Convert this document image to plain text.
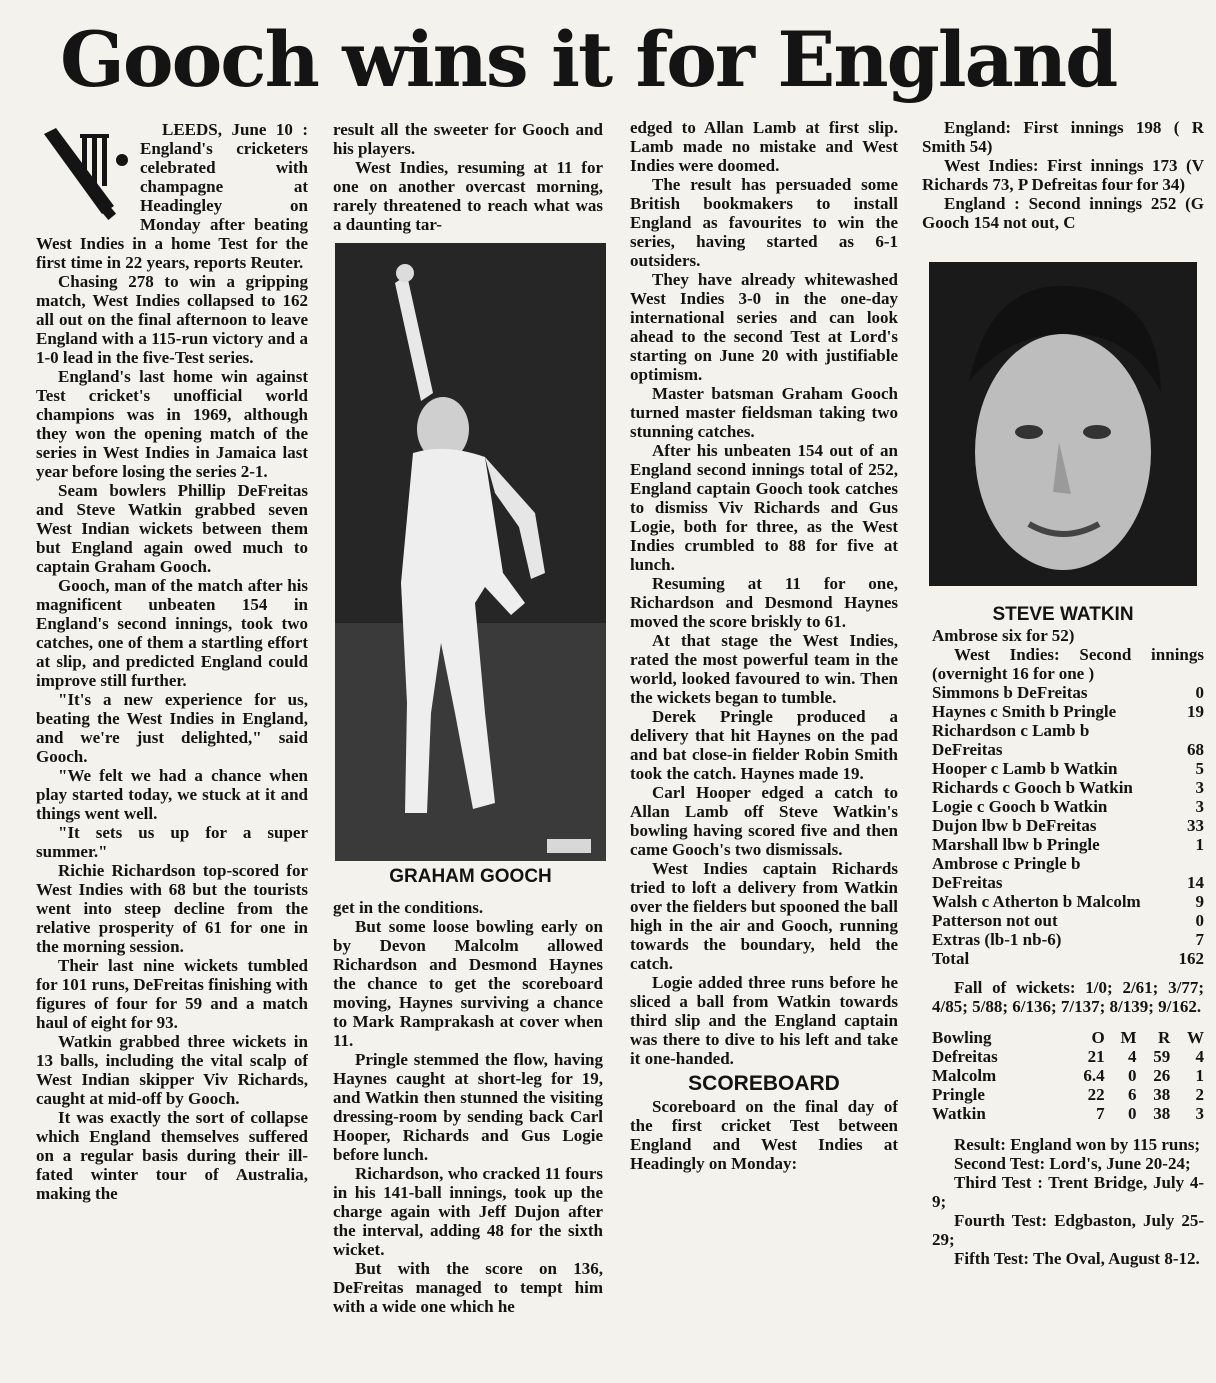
Gooch wins it for England

LEEDS, June 10 : England's cricketers celebrated with champagne at Headingley on Monday after beating West Indies in a home Test for the first time in 22 years, reports Reuter.

Chasing 278 to win a gripping match, West Indies collapsed to 162 all out on the final afternoon to leave England with a 115-run victory and a 1-0 lead in the five-Test series.

England's last home win against Test cricket's unofficial world champions was in 1969, although they won the opening match of the series in West Indies in Jamaica last year before losing the series 2-1.

Seam bowlers Phillip DeFreitas and Steve Watkin grabbed seven West Indian wickets between them but England again owed much to captain Graham Gooch.

Gooch, man of the match after his magnificent unbeaten 154 in England's second innings, took two catches, one of them a startling effort at slip, and predicted England could improve still further.

"It's a new experience for us, beating the West Indies in England, and we're just delighted," said Gooch.

"We felt we had a chance when play started today, we stuck at it and things went well.

"It sets us up for a super summer."

Richie Richardson top-scored for West Indies with 68 but the tourists went into steep decline from the relative prosperity of 61 for one in the morning session.

Their last nine wickets tumbled for 101 runs, DeFreitas finishing with figures of four for 59 and a match haul of eight for 93.

Watkin grabbed three wickets in 13 balls, including the vital scalp of West Indian skipper Viv Richards, caught at mid-off by Gooch.

It was exactly the sort of collapse which England themselves suffered on a regular basis during their ill-fated winter tour of Australia, making the

result all the sweeter for Gooch and his players.

West Indies, resuming at 11 for one on another overcast morning, rarely threatened to reach what was a daunting tar-

GRAHAM GOOCH

get in the conditions.

But some loose bowling early on by Devon Malcolm allowed Richardson and Desmond Haynes the chance to get the scoreboard moving, Haynes surviving a chance to Mark Ramprakash at cover when 11.

Pringle stemmed the flow, having Haynes caught at short-leg for 19, and Watkin then stunned the visiting dressing-room by sending back Carl Hooper, Richards and Gus Logie before lunch.

Richardson, who cracked 11 fours in his 141-ball innings, took up the charge again with Jeff Dujon after the interval, adding 48 for the sixth wicket.

But with the score on 136, DeFreitas managed to tempt him with a wide one which he

edged to Allan Lamb at first slip. Lamb made no mistake and West Indies were doomed.

The result has persuaded some British bookmakers to install England as favourites to win the series, having started as 6-1 outsiders.

They have already whitewashed West Indies 3-0 in the one-day international series and can look ahead to the second Test at Lord's starting on June 20 with justifiable optimism.

Master batsman Graham Gooch turned master fieldsman taking two stunning catches.

After his unbeaten 154 out of an England second innings total of 252, England captain Gooch took catches to dismiss Viv Richards and Gus Logie, both for three, as the West Indies crumbled to 88 for five at lunch.

Resuming at 11 for one, Richardson and Desmond Haynes moved the score briskly to 61.

At that stage the West Indies, rated the most powerful team in the world, looked favoured to win. Then the wickets began to tumble.

Derek Pringle produced a delivery that hit Haynes on the pad and bat close-in fielder Robin Smith took the catch. Haynes made 19.

Carl Hooper edged a catch to Allan Lamb off Steve Watkin's bowling having scored five and then came Gooch's two dismissals.

West Indies captain Richards tried to loft a delivery from Watkin over the fielders but spooned the ball high in the air and Gooch, running towards the boundary, held the catch.

Logie added three runs before he sliced a ball from Watkin towards third slip and the England captain was there to dive to his left and take it one-handed.

SCOREBOARD

Scoreboard on the final day of the first cricket Test between England and West Indies at Headingly on Monday:

England: First innings 198 ( R Smith 54)

West Indies: First innings 173 (V Richards 73, P Defreitas four for 34)

England : Second innings 252 (G Gooch 154 not out, C

STEVE WATKIN

Ambrose six for 52)

West Indies: Second innings (overnight 16 for one )

Simmons b DeFreitas	0
Haynes c Smith b Pringle	19
Richardson c Lamb b
DeFreitas	68
Hooper c Lamb b Watkin	5
Richards c Gooch b Watkin	3
Logie c Gooch b Watkin	3
Dujon lbw b DeFreitas	33
Marshall lbw b Pringle	1
Ambrose c Pringle b
DeFreitas	14
Walsh c Atherton b Malcolm	9
Patterson not out	0
Extras (lb-1 nb-6)	7
Total	162

Fall of wickets: 1/0; 2/61; 3/77; 4/85; 5/88; 6/136; 7/137; 8/139; 9/162.

Bowling	O	M	R	W
Defreitas	21	4	59	4
Malcolm	6.4	0	26	1
Pringle	22	6	38	2
Watkin	7	0	38	3

Result: England won by 115 runs;

Second Test: Lord's, June 20-24;

Third Test : Trent Bridge, July 4-9;

Fourth Test: Edgbaston, July 25-29;

Fifth Test: The Oval, August 8-12.
